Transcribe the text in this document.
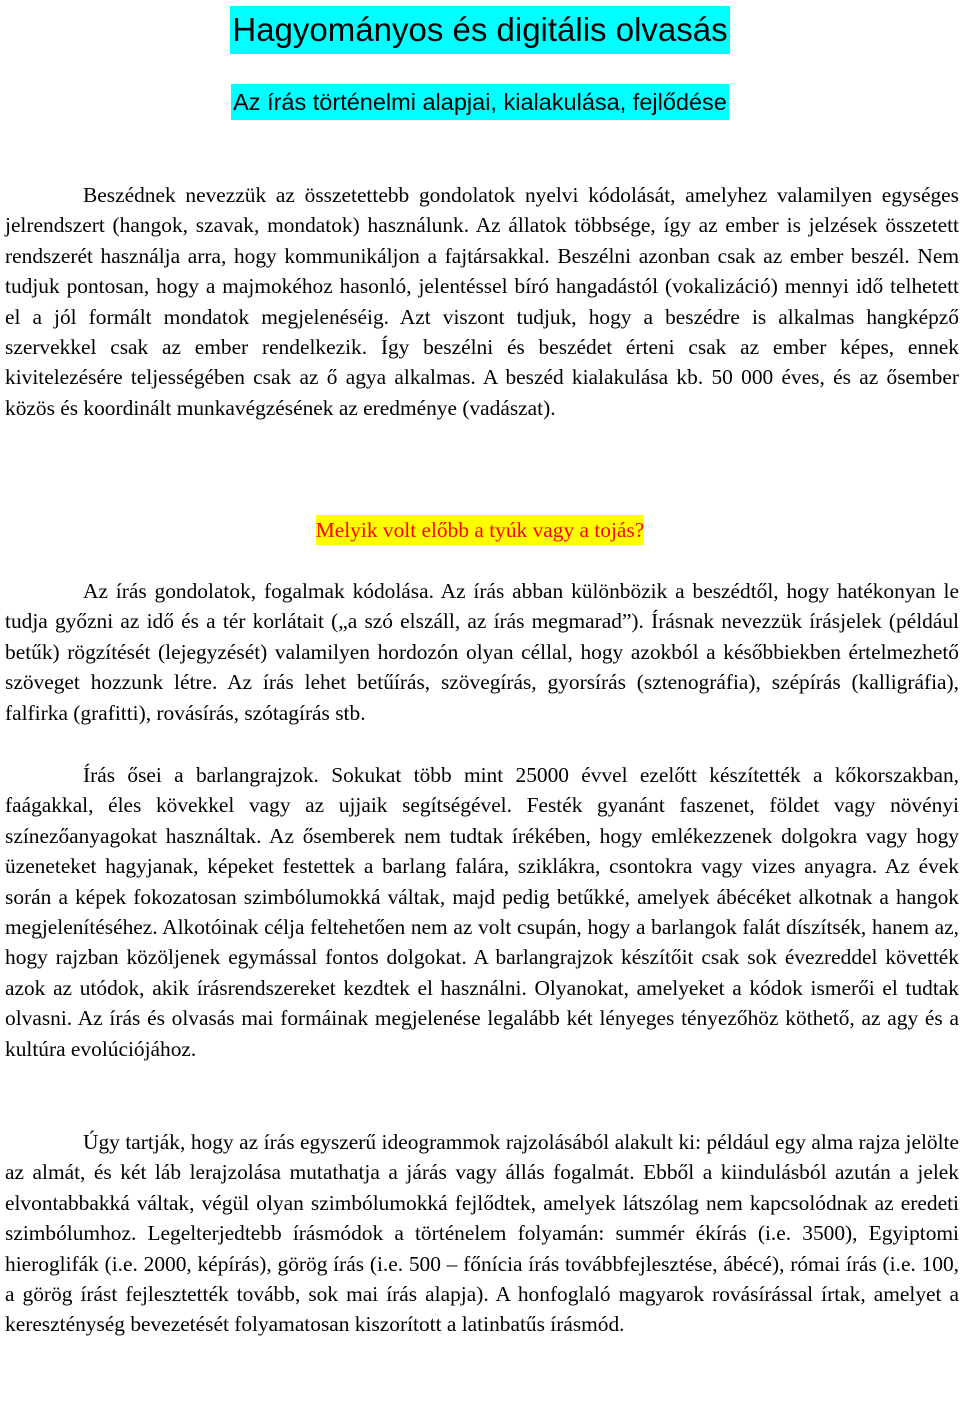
Hagyományos és digitális olvasás
Az írás történelmi alapjai, kialakulása, fejlődése

Beszédnek nevezzük az összetettebb gondolatok nyelvi kódolását, amelyhez valamilyen egységes jelrendszert (hangok, szavak, mondatok) használunk. Az állatok többsége, így az ember is jelzések összetett rendszerét használja arra, hogy kommunikáljon a fajtársakkal. Beszélni azonban csak az ember beszél. Nem tudjuk pontosan, hogy a majmokéhoz hasonló, jelentéssel bíró hangadástól (vokalizáció) mennyi idő telhetett el a jól formált mondatok megjelenéséig. Azt viszont tudjuk, hogy a beszédre is alkalmas hangképző szervekkel csak az ember rendelkezik. Így beszélni és beszédet érteni csak az ember képes, ennek kivitelezésére teljességében csak az ő agya alkalmas. A beszéd kialakulása kb. 50 000 éves, és az ősember közös és koordinált munkavégzésének az eredménye (vadászat).

Melyik volt előbb a tyúk vagy a tojás?

Az írás gondolatok, fogalmak kódolása. Az írás abban különbözik a beszédtől, hogy hatékonyan le tudja győzni az idő és a tér korlátait („a szó elszáll, az írás megmarad”). Írásnak nevezzük írásjelek (például betűk) rögzítését (lejegyzését) valamilyen hordozón olyan céllal, hogy azokból a későbbiekben értelmezhető szöveget hozzunk létre. Az írás lehet betűírás, szövegírás, gyorsírás (sztenográfia), szépírás (kalligráfia), falfirka (grafitti), rovásírás, szótagírás stb.

Írás ősei a barlangrajzok. Sokukat több mint 25000 évvel ezelőtt készítették a kőkorszakban, faágakkal, éles kövekkel vagy az ujjaik segítségével. Festék gyanánt faszenet, földet vagy növényi színezőanyagokat használtak. Az ősemberek nem tudtak írékében, hogy emlékezzenek dolgokra vagy hogy üzeneteket hagyjanak, képeket festettek a barlang falára, sziklákra, csontokra vagy vizes anyagra. Az évek során a képek fokozatosan szimbólumokká váltak, majd pedig betűkké, amelyek ábécéket alkotnak a hangok megjelenítéséhez. Alkotóinak célja feltehetően nem az volt csupán, hogy a barlangok falát díszítsék, hanem az, hogy rajzban közöljenek egymással fontos dolgokat. A barlangrajzok készítőit csak sok évezreddel követték azok az utódok, akik írásrendszereket kezdtek el használni. Olyanokat, amelyeket a kódok ismerői el tudtak olvasni. Az írás és olvasás mai formáinak megjelenése legalább két lényeges tényezőhöz köthető, az agy és a kultúra evolúciójához.

Úgy tartják, hogy az írás egyszerű ideogrammok rajzolásából alakult ki: például egy alma rajza jelölte az almát, és két láb lerajzolása mutathatja a járás vagy állás fogalmát. Ebből a kiindulásból azután a jelek elvontabbakká váltak, végül olyan szimbólumokká fejlődtek, amelyek látszólag nem kapcsolódnak az eredeti szimbólumhoz. Legelterjedtebb írásmódok a történelem folyamán: summér ékírás (i.e. 3500), Egyiptomi hieroglifák (i.e. 2000, képírás), görög írás (i.e. 500 – főnícia írás továbbfejlesztése, ábécé), római írás (i.e. 100, a görög írást fejlesztették tovább, sok mai írás alapja). A honfoglaló magyarok rovásírással írtak, amelyet a kereszténység bevezetését folyamatosan kiszorított a latinbatűs írásmód.
